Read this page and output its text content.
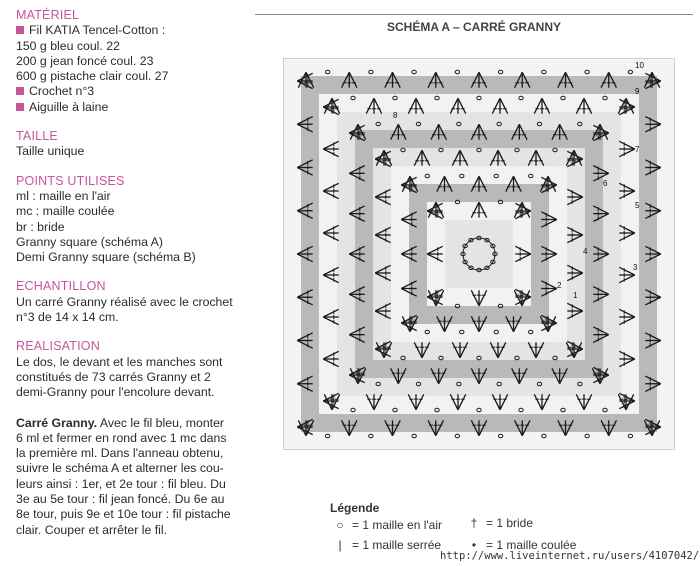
MATÉRIEL
Fil KATIA Tencel-Cotton :
150 g bleu coul. 22
200 g jean foncé coul. 23
600 g pistache clair coul. 27
Crochet n°3
Aiguille à laine
TAILLE
Taille unique
POINTS UTILISES
ml : maille en l'air
mc : maille coulée
br : bride
Granny square (schéma A)
Demi Granny square (schéma B)
ECHANTILLON
Un carré Granny réalisé avec le crochet
n°3 de 14 x 14 cm.
REALISATION
Le dos, le devant et les manches sont
constitués de 73 carrés Granny et 2
demi-Granny pour l'encolure devant.
Carré Granny. Avec le fil bleu, monter
6 ml et fermer en rond avec 1 mc dans
la première ml. Dans l'anneau obtenu,
suivre le schéma A et alterner les cou-
leurs ainsi : 1er, et 2e tour : fil bleu. Du
3e au 5e tour : fil jean foncé. Du 6e au
8e tour, puis 9e et 10e tour : fil pistache
clair. Couper et arrêter le fil.
SCHÉMA A – CARRÉ GRANNY
1
2
3
4
5
6
7
8
9
10
Légende
○ = 1 maille en l'air † = 1 bride
| = 1 maille serrée	• = 1 maille coulée
http://www.liveinternet.ru/users/4107042/
